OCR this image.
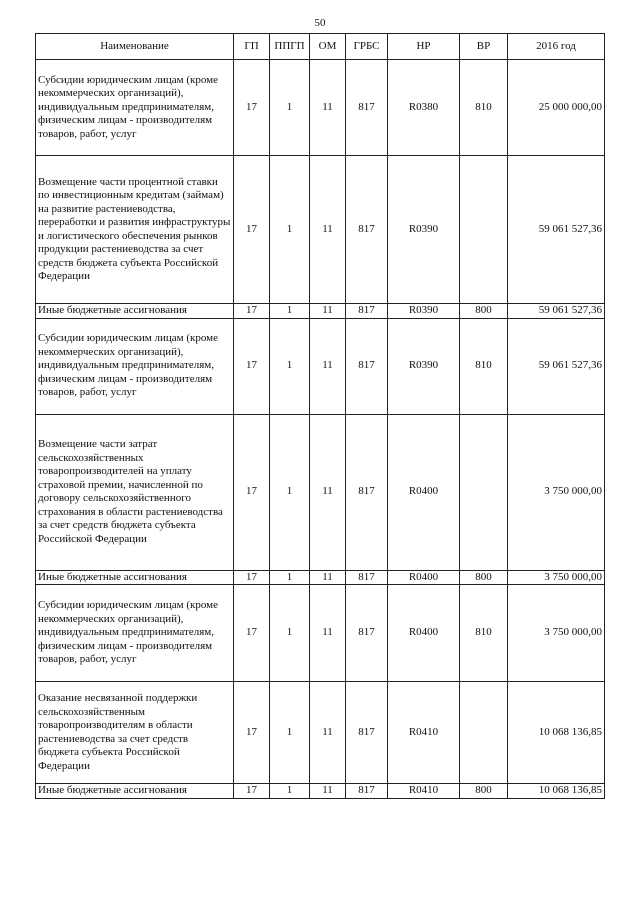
50
Наименование	ГП	ППГП	ОМ	ГРБС	НР	ВР	2016 год
Субсидии юридическим лицам (кроме некоммерческих организаций), индивидуальным предпринимателям, физическим лицам - производителям товаров, работ, услуг	17	1	11	817	R0380	810	25 000 000,00
Возмещение части процентной ставки по инвестиционным кредитам (займам) на развитие растениеводства, переработки и развития инфраструктуры и логистического обеспечения рынков продукции растениеводства за счет средств бюджета субъекта Российской Федерации	17	1	11	817	R0390		59 061 527,36
Иные бюджетные ассигнования	17	1	11	817	R0390	800	59 061 527,36
Субсидии юридическим лицам (кроме некоммерческих организаций), индивидуальным предпринимателям, физическим лицам - производителям товаров, работ, услуг	17	1	11	817	R0390	810	59 061 527,36
Возмещение части затрат сельскохозяйственных товаропроизводителей на уплату страховой премии, начисленной по договору сельскохозяйственного страхования в области растениеводства за счет средств бюджета субъекта Российской Федерации	17	1	11	817	R0400		3 750 000,00
Иные бюджетные ассигнования	17	1	11	817	R0400	800	3 750 000,00
Субсидии юридическим лицам (кроме некоммерческих организаций), индивидуальным предпринимателям, физическим лицам - производителям товаров, работ, услуг	17	1	11	817	R0400	810	3 750 000,00
Оказание несвязанной поддержки сельскохозяйственным товаропроизводителям в области растениеводства за счет средств бюджета субъекта Российской Федерации	17	1	11	817	R0410		10 068 136,85
Иные бюджетные ассигнования	17	1	11	817	R0410	800	10 068 136,85
